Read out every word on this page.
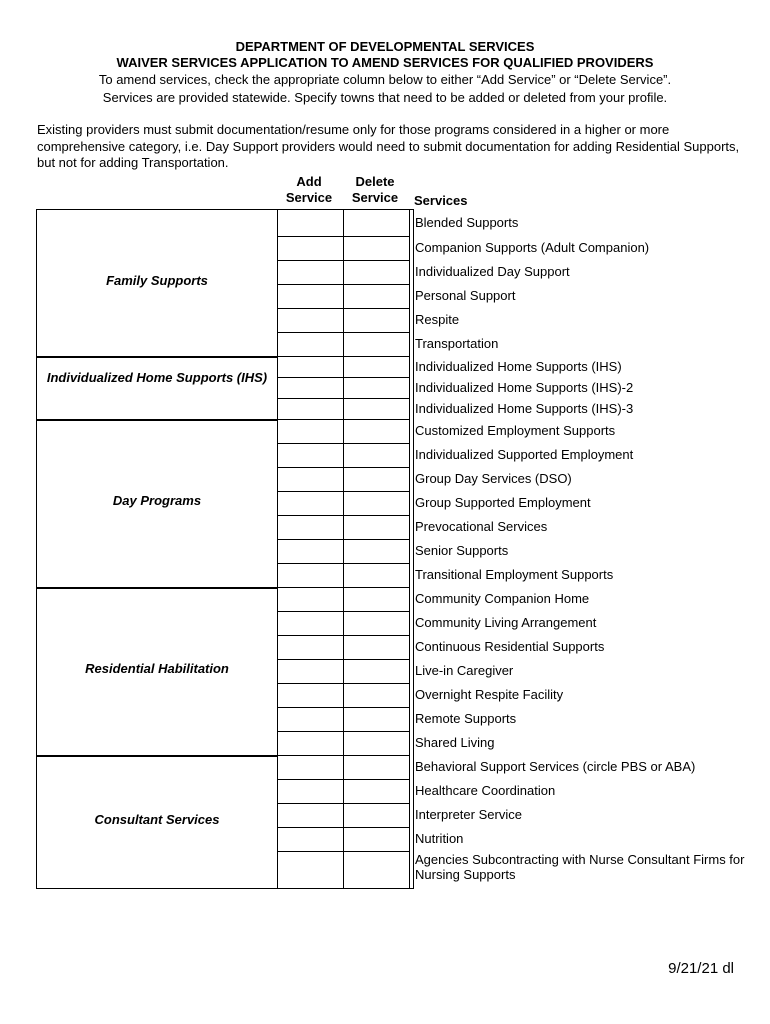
DEPARTMENT OF DEVELOPMENTAL SERVICES
WAIVER SERVICES APPLICATION TO AMEND SERVICES FOR QUALIFIED PROVIDERS
To amend services, check the appropriate column below to either “Add Service” or “Delete Service”.
Services are provided statewide. Specify towns that need to be added or deleted from your profile.
Existing providers must submit documentation/resume only for those programs considered in a higher or more comprehensive category, i.e. Day Support providers would need to submit documentation for adding Residential Supports, but not for adding Transportation.
Add Service
Delete Service	Services
Family Supports
Individualized Home Supports (IHS)
Day Programs
Residential Habilitation
Consultant Services
Blended Supports
Companion Supports (Adult Companion)
Individualized Day Support
Personal Support
Respite
Transportation
Individualized Home Supports (IHS)
Individualized Home Supports (IHS)-2
Individualized Home Supports (IHS)-3
Customized Employment Supports
Individualized Supported Employment
Group Day Services (DSO)
Group Supported Employment
Prevocational Services
Senior Supports
Transitional Employment Supports
Community Companion Home
Community Living Arrangement
Continuous Residential Supports
Live-in Caregiver
Overnight Respite Facility
Remote Supports
Shared Living
Behavioral Support Services (circle PBS or ABA)
Healthcare Coordination
Interpreter Service
Nutrition
Agencies Subcontracting with Nurse Consultant Firms for Nursing Supports
9/21/21 dl
